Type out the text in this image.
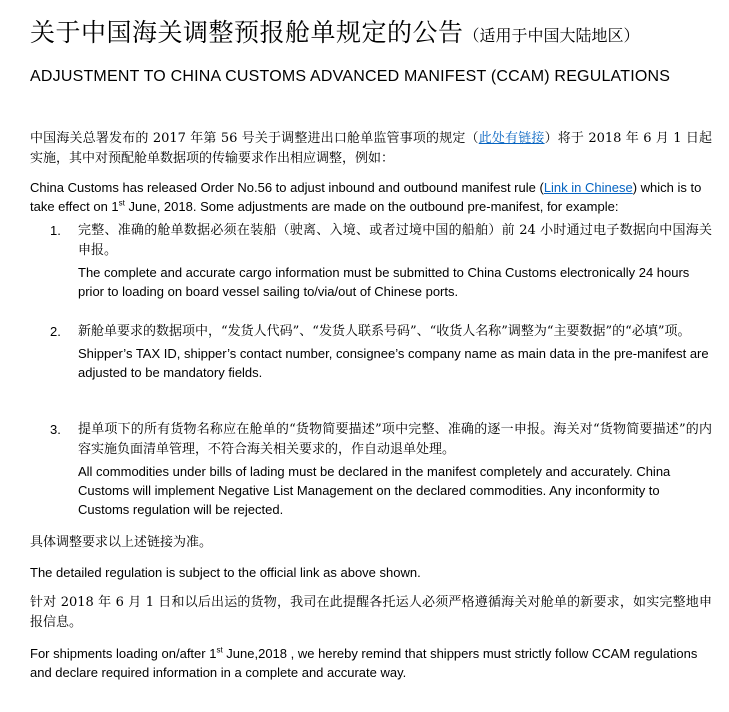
关于中国海关调整预报舱单规定的公告（适用于中国大陆地区）
ADJUSTMENT TO CHINA CUSTOMS ADVANCED MANIFEST (CCAM) REGULATIONS
中国海关总署发布的 2017 年第 56 号关于调整进出口舱单监管事项的规定（此处有链接）将于 2018 年 6 月 1 日起实施，其中对预配舱单数据项的传输要求作出相应调整，例如：
China Customs has released Order No.56 to adjust inbound and outbound manifest rule (Link in Chinese) which is to take effect on 1st June, 2018. Some adjustments are made on the outbound pre-manifest, for example:
1.	完整、准确的舱单数据必须在装船（驶离、入境、或者过境中国的船舶）前 24 小时通过电子数据向中国海关申报。
The complete and accurate cargo information must be submitted to China Customs electronically 24 hours prior to loading on board vessel sailing to/via/out of Chinese ports.
2.	新舱单要求的数据项中，“发货人代码”、“发货人联系号码”、“收货人名称”调整为“主要数据”的“必填”项。
Shipper’s TAX ID, shipper’s contact number, consignee’s company name as main data in the pre-manifest are adjusted to be mandatory fields.
3.	提单项下的所有货物名称应在舱单的“货物简要描述”项中完整、准确的逐一申报。海关对“货物简要描述”的内容实施负面清单管理，不符合海关相关要求的，作自动退单处理。
All commodities under bills of lading must be declared in the manifest completely and accurately. China Customs will implement Negative List Management on the declared commodities. Any inconformity to Customs regulation will be rejected.
具体调整要求以上述链接为准。
The detailed regulation is subject to the official link as above shown.
针对 2018 年 6 月 1 日和以后出运的货物，我司在此提醒各托运人必须严格遵循海关对舱单的新要求，如实完整地申报信息。
For shipments loading on/after 1st June,2018 , we hereby remind that shippers must strictly follow CCAM regulations and declare required information in a complete and accurate way.
